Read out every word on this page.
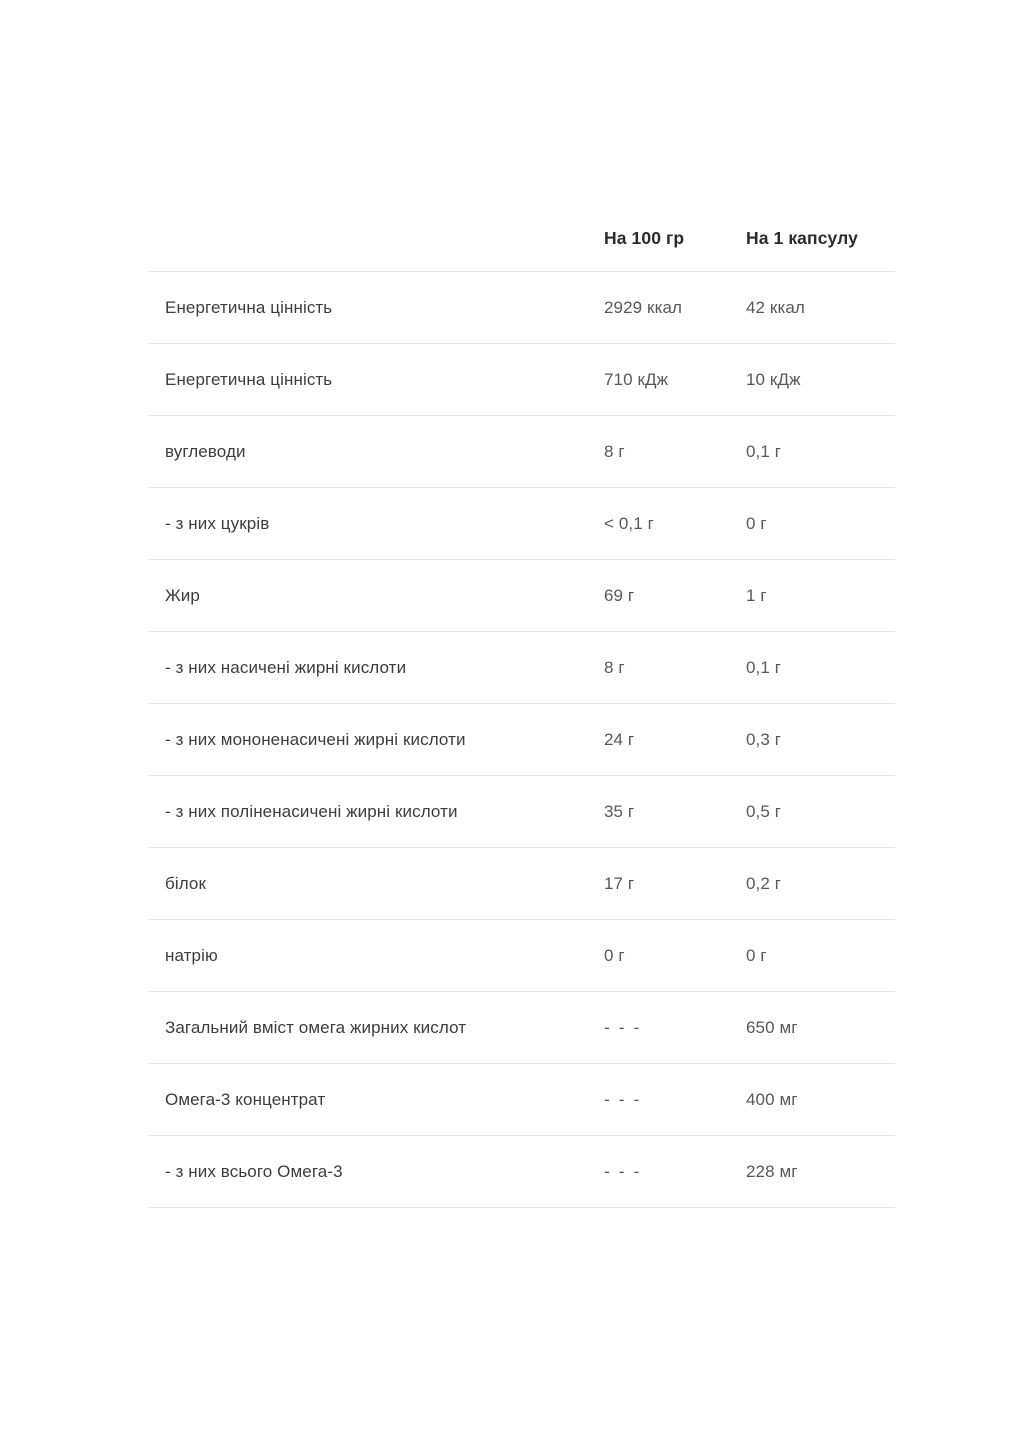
	На 100 гр	На 1 капсулу
Енергетична цінність	2929 ккал	42 ккал
Енергетична цінність	710 кДж	10 кДж
вуглеводи	8 г	0,1 г
- з них цукрів	< 0,1 г	0 г
Жир	69 г	1 г
- з них насичені жирні кислоти	8 г	0,1 г
- з них мононенасичені жирні кислоти	24 г	0,3 г
- з них поліненасичені жирні кислоти	35 г	0,5 г
білок	17 г	0,2 г
натрію	0 г	0 г
Загальний вміст омега жирних кислот	- - -	650 мг
Омега-3 концентрат	- - -	400 мг
- з них всього Омега-3	- - -	228 мг
